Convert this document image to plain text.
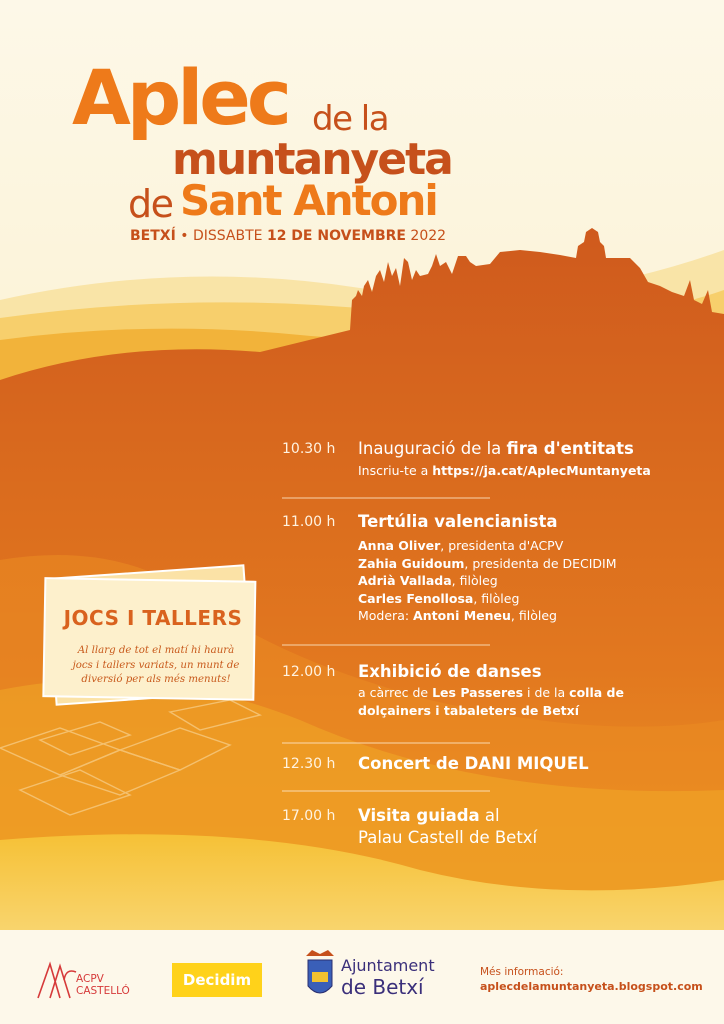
Aplec de la
muntanyeta
de Sant Antoni
BETXÍ • DISSABTE 12 DE NOVEMBRE 2022
10.30 h Inauguració de la fira d'entitats
Inscriu-te a https://ja.cat/AplecMuntanyeta
11.00 h Tertúlia valencianista
Anna Oliver, presidenta d'ACPV
Zahia Guidoum, presidenta de DECIDIM
Adrià Vallada, filòleg
Carles Fenollosa, filòleg
Modera: Antoni Meneu, filòleg
12.00 h Exhibició de danses
a càrrec de Les Passeres i de la colla de
dolçainers i tabaleters de Betxí
12.30 h Concert de DANI MIQUEL
17.00 h Visita guiada al
Palau Castell de Betxí
JOCS I TALLERS
Al llarg de tot el matí hi haurà jocs i tallers variats, un munt de diversió per als més menuts!
ACPV
CASTELLÓ
Decidim
Ajuntament
de Betxí
Més informació:
aplecdelamuntanyeta.blogspot.com
